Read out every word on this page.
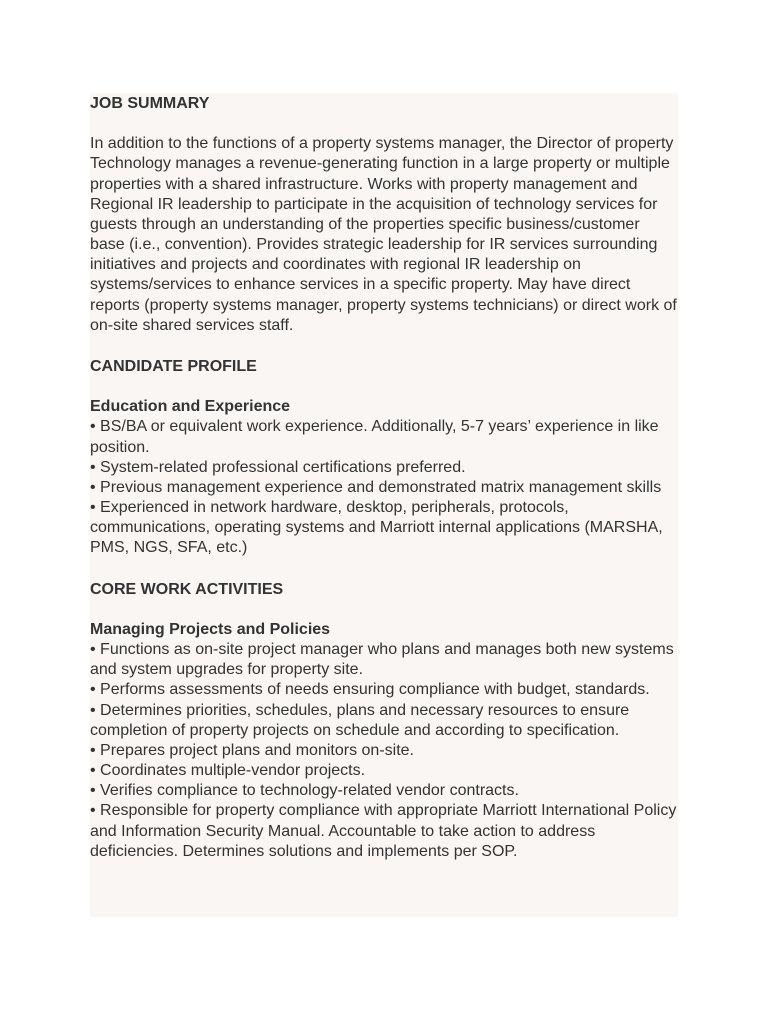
JOB SUMMARY

In addition to the functions of a property systems manager, the Director of property Technology manages a revenue-generating function in a large property or multiple properties with a shared infrastructure. Works with property management and Regional IR leadership to participate in the acquisition of technology services for guests through an understanding of the properties specific business/customer base (i.e., convention). Provides strategic leadership for IR services surrounding initiatives and projects and coordinates with regional IR leadership on systems/services to enhance services in a specific property. May have direct reports (property systems manager, property systems technicians) or direct work of on-site shared services staff.

CANDIDATE PROFILE

Education and Experience

• BS/BA or equivalent work experience. Additionally, 5-7 years’ experience in like position.

• System-related professional certifications preferred.

• Previous management experience and demonstrated matrix management skills

• Experienced in network hardware, desktop, peripherals, protocols, communications, operating systems and Marriott internal applications (MARSHA, PMS, NGS, SFA, etc.)

CORE WORK ACTIVITIES

Managing Projects and Policies

• Functions as on-site project manager who plans and manages both new systems and system upgrades for property site.

• Performs assessments of needs ensuring compliance with budget, standards.

• Determines priorities, schedules, plans and necessary resources to ensure completion of property projects on schedule and according to specification.

• Prepares project plans and monitors on-site.

• Coordinates multiple-vendor projects.

• Verifies compliance to technology-related vendor contracts.

• Responsible for property compliance with appropriate Marriott International Policy and Information Security Manual. Accountable to take action to address deficiencies. Determines solutions and implements per SOP.
